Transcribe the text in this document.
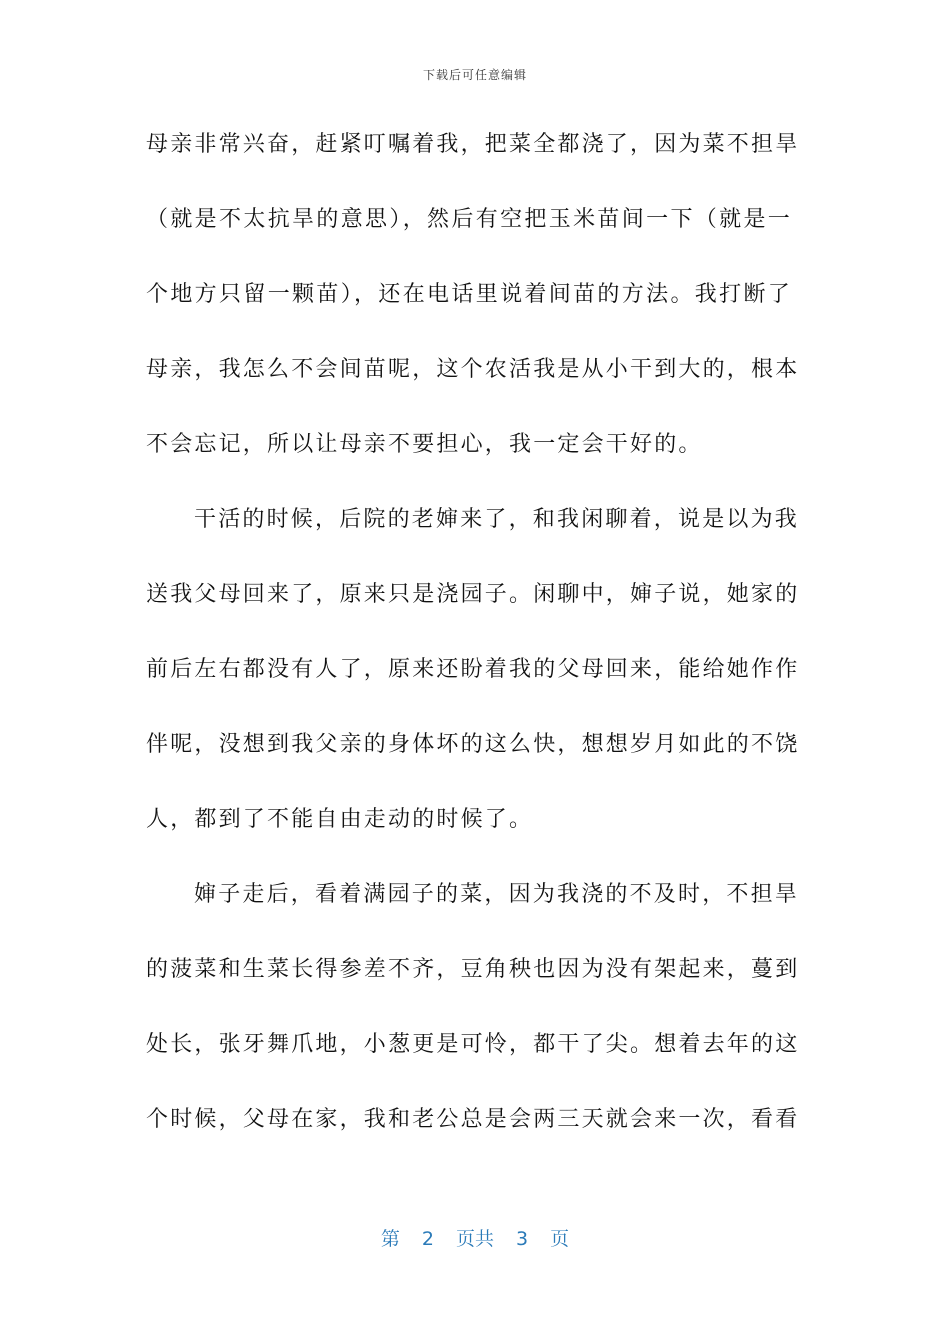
下载后可任意编辑
母亲非常兴奋，赶紧叮嘱着我，把菜全都浇了，因为菜不担旱
（就是不太抗旱的意思），然后有空把玉米苗间一下（就是一
个地方只留一颗苗），还在电话里说着间苗的方法。我打断了
母亲，我怎么不会间苗呢，这个农活我是从小干到大的，根本
不会忘记，所以让母亲不要担心，我一定会干好的。
干活的时候，后院的老婶来了，和我闲聊着，说是以为我
送我父母回来了，原来只是浇园子。闲聊中，婶子说，她家的
前后左右都没有人了，原来还盼着我的父母回来，能给她作作
伴呢，没想到我父亲的身体坏的这么快，想想岁月如此的不饶
人，都到了不能自由走动的时候了。
婶子走后，看着满园子的菜，因为我浇的不及时，不担旱
的菠菜和生菜长得参差不齐，豆角秧也因为没有架起来，蔓到
处长，张牙舞爪地，小葱更是可怜，都干了尖。想着去年的这
个时候，父母在家，我和老公总是会两三天就会来一次，看看
第 2 页共 3 页
